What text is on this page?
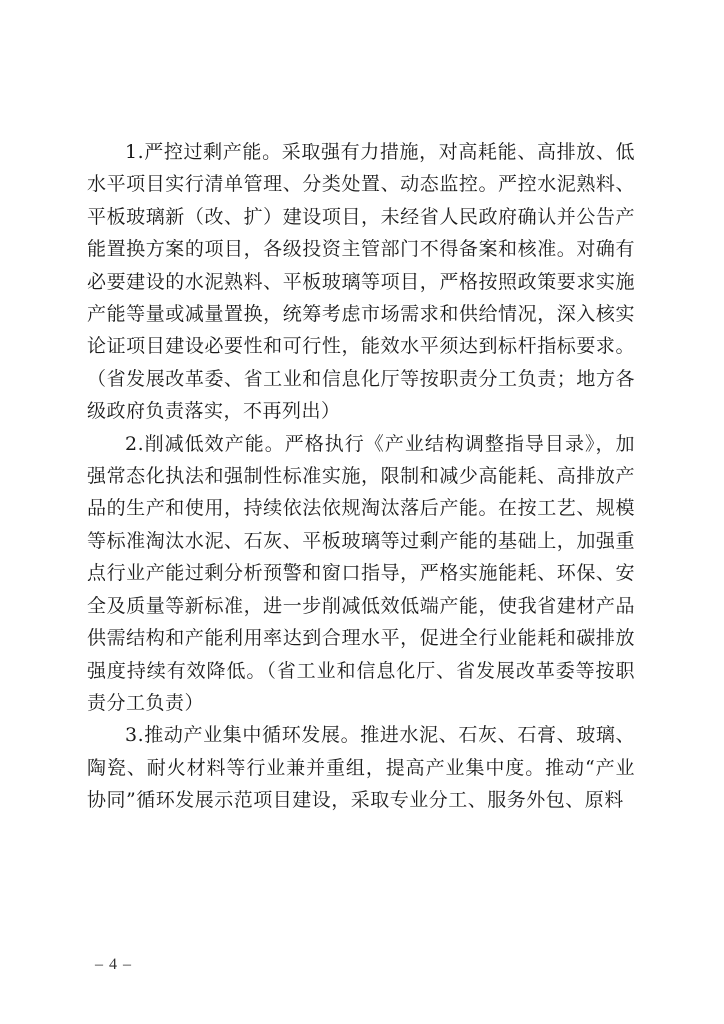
1.严控过剩产能。采取强有力措施，对高耗能、高排放、低水平项目实行清单管理、分类处置、动态监控。严控水泥熟料、平板玻璃新（改、扩）建设项目，未经省人民政府确认并公告产能置换方案的项目，各级投资主管部门不得备案和核准。对确有必要建设的水泥熟料、平板玻璃等项目，严格按照政策要求实施产能等量或减量置换，统筹考虑市场需求和供给情况，深入核实论证项目建设必要性和可行性，能效水平须达到标杆指标要求。（省发展改革委、省工业和信息化厅等按职责分工负责；地方各级政府负责落实，不再列出）

2.削减低效产能。严格执行《产业结构调整指导目录》，加强常态化执法和强制性标准实施，限制和减少高能耗、高排放产品的生产和使用，持续依法依规淘汰落后产能。在按工艺、规模等标准淘汰水泥、石灰、平板玻璃等过剩产能的基础上，加强重点行业产能过剩分析预警和窗口指导，严格实施能耗、环保、安全及质量等新标准，进一步削减低效低端产能，使我省建材产品供需结构和产能利用率达到合理水平，促进全行业能耗和碳排放强度持续有效降低。（省工业和信息化厅、省发展改革委等按职责分工负责）

3.推动产业集中循环发展。推进水泥、石灰、石膏、玻璃、陶瓷、耐火材料等行业兼并重组，提高产业集中度。推动“产业协同”循环发展示范项目建设，采取专业分工、服务外包、原料

– 4 –
